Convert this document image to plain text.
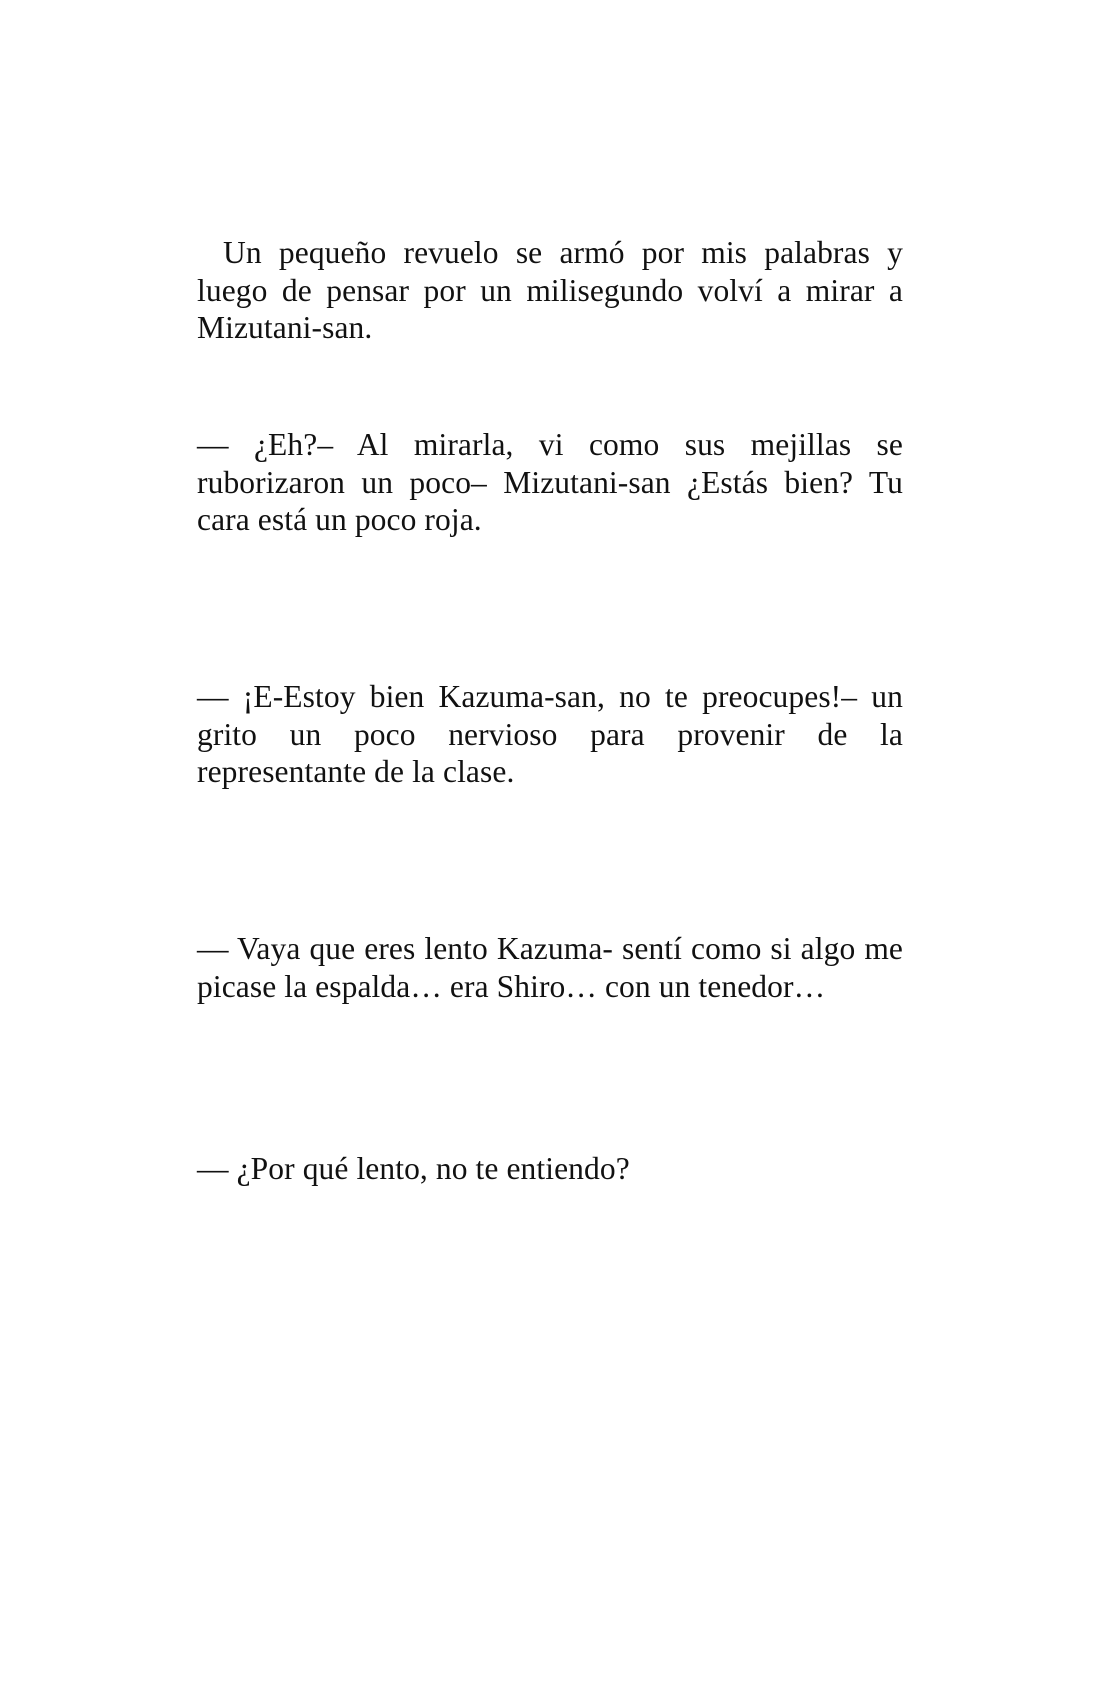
Un pequeño revuelo se armó por mis palabras y luego de pensar por un milisegundo volví a mirar a Mizutani-san.

— ¿Eh?– Al mirarla, vi como sus mejillas se ruborizaron un poco– Mizutani-san ¿Estás bien? Tu cara está un poco roja.

— ¡E-Estoy bien Kazuma-san, no te preocupes!– un grito un poco nervioso para provenir de la representante de la clase.

— Vaya que eres lento Kazuma- sentí como si algo me picase la espalda… era Shiro… con un tenedor…

— ¿Por qué lento, no te entiendo?
